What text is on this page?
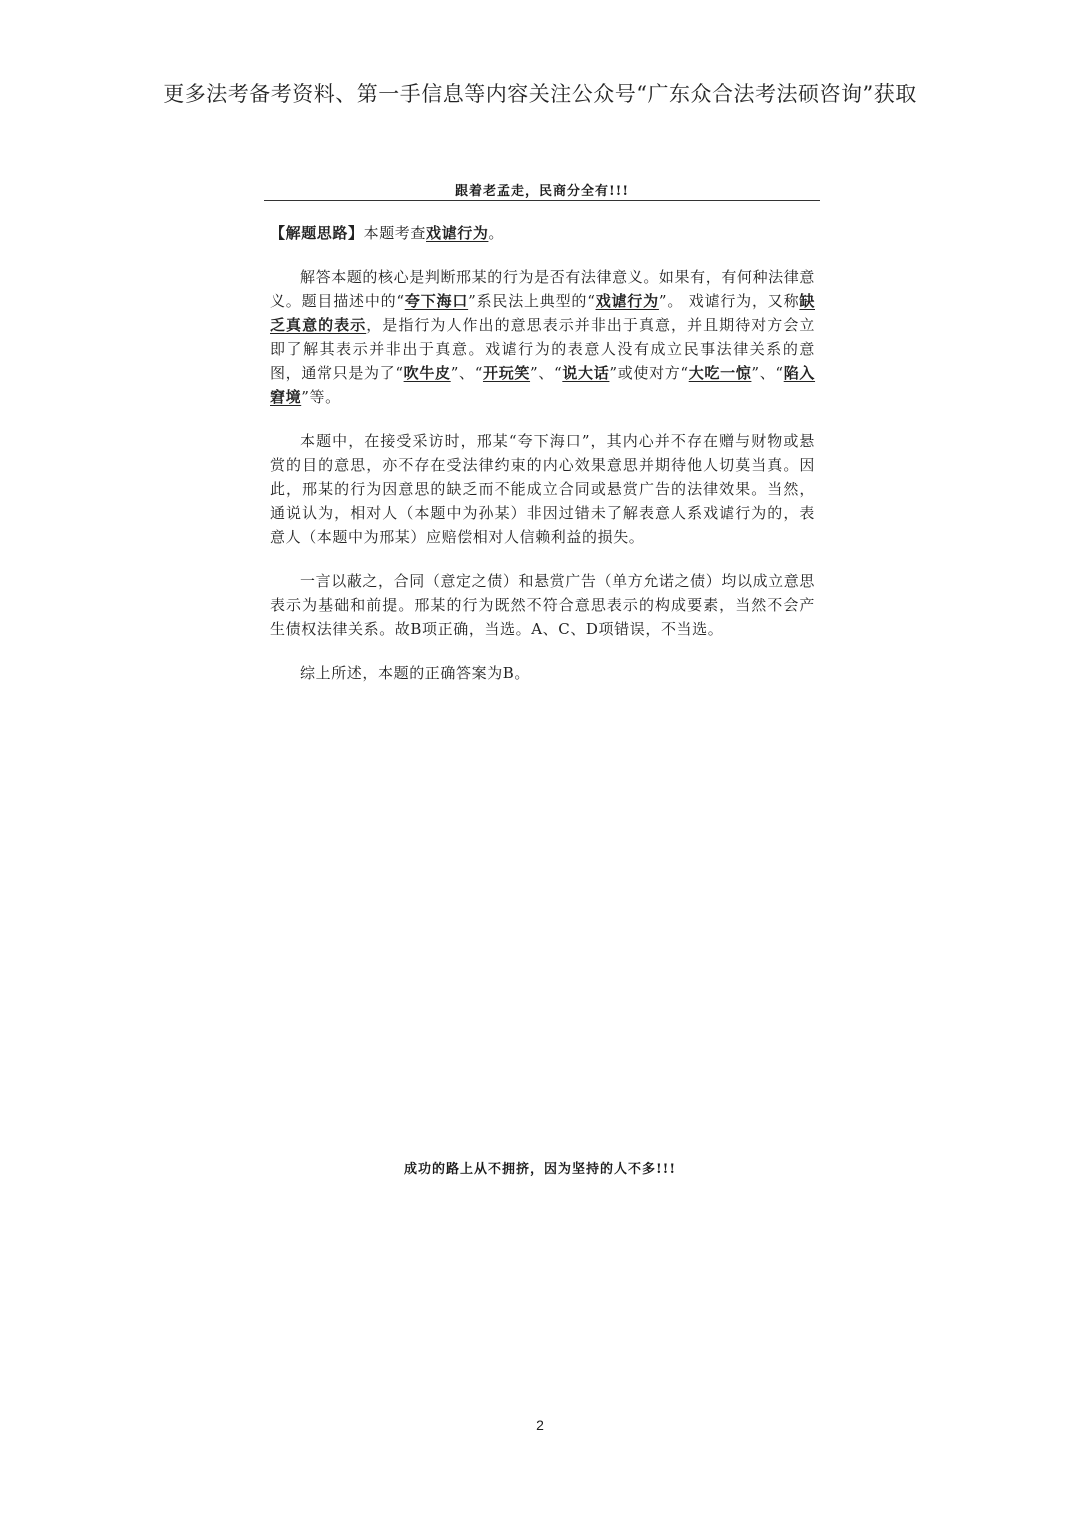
更多法考备考资料、第一手信息等内容关注公众号“广东众合法考法硕咨询”获取
跟着老孟走，民商分全有!!!

【解题思路】本题考查戏谑行为。

解答本题的核心是判断邢某的行为是否有法律意义。如果有，有何种法律意义。题目描述中的“夸下海口”系民法上典型的“戏谑行为”。 戏谑行为，又称缺乏真意的表示，是指行为人作出的意思表示并非出于真意，并且期待对方会立即了解其表示并非出于真意。戏谑行为的表意人没有成立民事法律关系的意图，通常只是为了“吹牛皮”、“开玩笑”、“说大话”或使对方“大吃一惊”、“陷入窘境”等。

本题中，在接受采访时，邢某“夸下海口”，其内心并不存在赠与财物或悬赏的目的意思，亦不存在受法律约束的内心效果意思并期待他人切莫当真。因此，邢某的行为因意思的缺乏而不能成立合同或悬赏广告的法律效果。当然，通说认为，相对人（本题中为孙某）非因过错未了解表意人系戏谑行为的，表意人（本题中为邢某）应赔偿相对人信赖利益的损失。

一言以蔽之，合同（意定之债）和悬赏广告（单方允诺之债）均以成立意思表示为基础和前提。邢某的行为既然不符合意思表示的构成要素，当然不会产生债权法律关系。故B项正确，当选。A、C、D项错误，不当选。

综上所述，本题的正确答案为B。

成功的路上从不拥挤，因为坚持的人不多!!!
2
